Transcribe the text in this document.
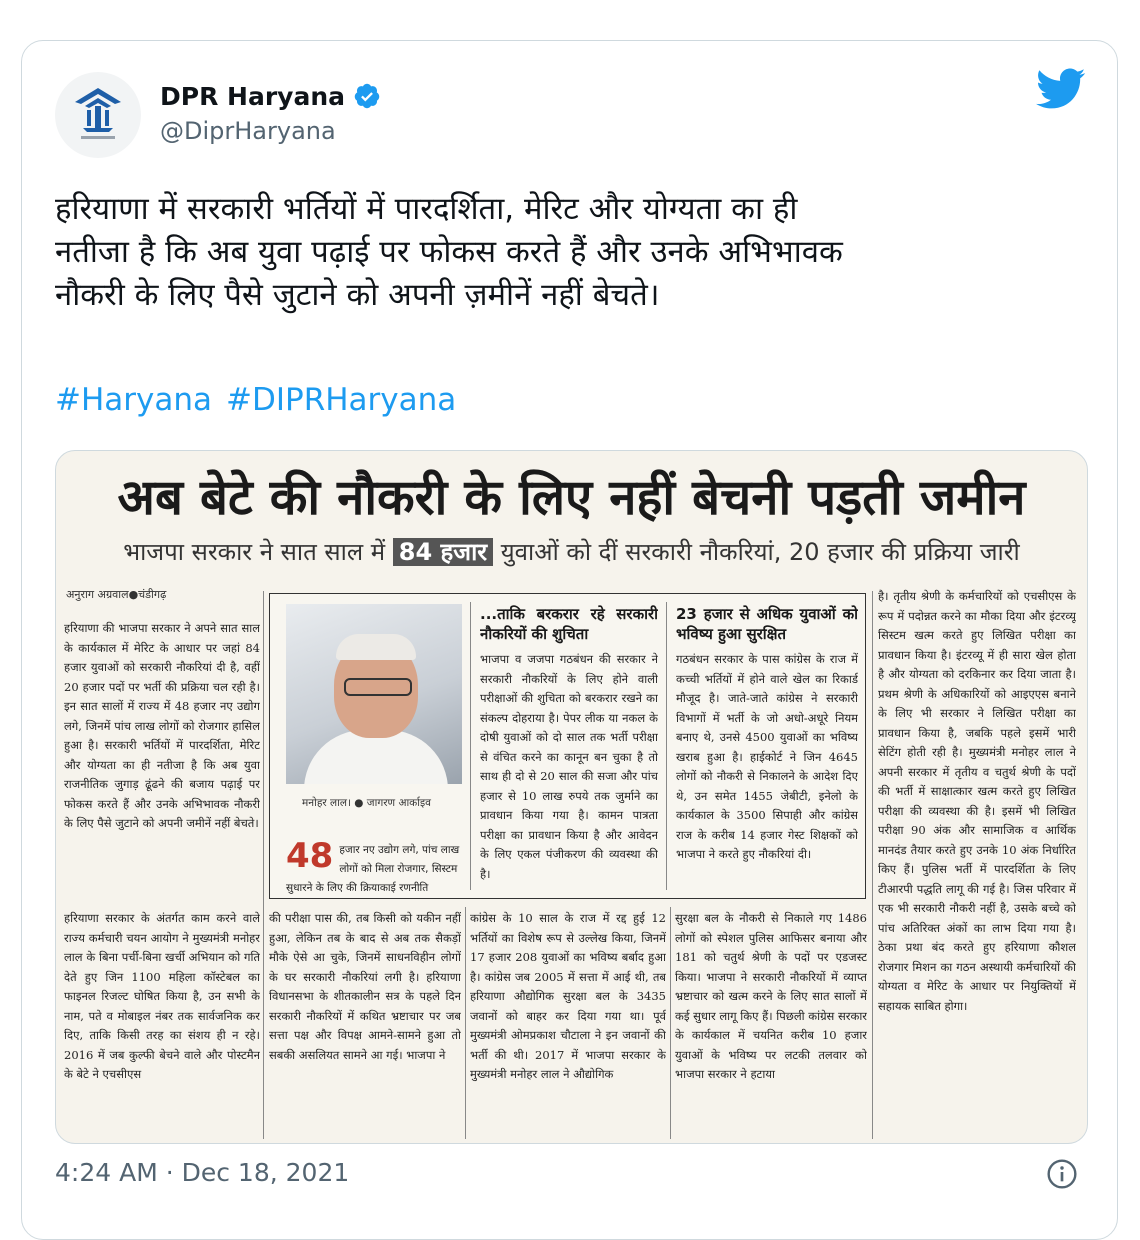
DPR Haryana
@DiprHaryana

हरियाणा में सरकारी भर्तियों में पारदर्शिता, मेरिट और योग्यता का ही

नतीजा है कि अब युवा पढ़ाई पर फोकस करते हैं और उनके अभिभावक

नौकरी के लिए पैसे जुटाने को अपनी ज़मीनें नहीं बेचते।

#Haryana #DIPRHaryana
अब बेटे की नौकरी के लिए नहीं बेचनी पड़ती जमीन
भाजपा सरकार ने सात साल में 84 हजार युवाओं को दीं सरकारी नौकरियां, 20 हजार की प्रक्रिया जारी
अनुराग अग्रवाल●चंडीगढ़
हरियाणा की भाजपा सरकार ने अपने सात साल के कार्यकाल में मेरिट के आधार पर जहां 84 हजार युवाओं को सरकारी नौकरियां दी है, वहीं 20 हजार पदों पर भर्ती की प्रक्रिया चल रही है। इन सात सालों में राज्य में 48 हजार नए उद्योग लगे, जिनमें पांच लाख लोगों को रोजगार हासिल हुआ है। सरकारी भर्तियों में पारदर्शिता, मेरिट और योग्यता का ही नतीजा है कि अब युवा राजनीतिक जुगाड़ ढूंढने की बजाय पढ़ाई पर फोकस करते हैं और उनके अभिभावक नौकरी के लिए पैसे जुटाने को अपनी जमीनें नहीं बेचते।
हरियाणा सरकार के अंतर्गत काम करने वाले राज्य कर्मचारी चयन आयोग ने मुख्यमंत्री मनोहर लाल के बिना पर्ची-बिना खर्ची अभियान को गति देते हुए जिन 1100 महिला कॉस्टेबल का फाइनल रिजल्ट घोषित किया है, उन सभी के नाम, पते व मोबाइल नंबर तक सार्वजनिक कर दिए, ताकि किसी तरह का संशय ही न रहे। 2016 में जब कुल्फी बेचने वाले और पोस्टमैन के बेटे ने एचसीएस
मनोहर लाल। ● जागरण आर्काइव
48 हजार नए उद्योग लगे, पांच लाख लोगों को मिला रोजगार, सिस्टम सुधारने के लिए की क्रियाकाई रणनीति
...ताकि बरकरार रहे सरकारी नौकरियों की शुचिता
भाजपा व जजपा गठबंधन की सरकार ने सरकारी नौकरियों के लिए होने वाली परीक्षाओं की शुचिता को बरकरार रखने का संकल्प दोहराया है। पेपर लीक या नकल के दोषी युवाओं को दो साल तक भर्ती परीक्षा से वंचित करने का कानून बन चुका है तो साथ ही दो से 20 साल की सजा और पांच हजार से 10 लाख रुपये तक जुर्माने का प्रावधान किया गया है। कामन पात्रता परीक्षा का प्रावधान किया है और आवेदन के लिए एकल पंजीकरण की व्यवस्था की है।
23 हजार से अधिक युवाओं को भविष्य हुआ सुरक्षित
गठबंधन सरकार के पास कांग्रेस के राज में कच्ची भर्तियों में होने वाले खेल का रिकार्ड मौजूद है। जाते-जाते कांग्रेस ने सरकारी विभागों में भर्ती के जो अधो-अधूरे नियम बनाए थे, उनसे 4500 युवाओं का भविष्य खराब हुआ है। हाईकोर्ट ने जिन 4645 लोगों को नौकरी से निकालने के आदेश दिए थे, उन समेत 1455 जेबीटी, इनेलो के कार्यकाल के 3500 सिपाही और कांग्रेस राज के करीब 14 हजार गेस्ट शिक्षकों को भाजपा ने करते हुए नौकरियां दी।
की परीक्षा पास की, तब किसी को यकीन नहीं हुआ, लेकिन तब के बाद से अब तक सैकड़ों मौके ऐसे आ चुके, जिनमें साधनविहीन लोगों के घर सरकारी नौकरियां लगी है। हरियाणा विधानसभा के शीतकालीन सत्र के पहले दिन सरकारी नौकरियों में कथित भ्रष्टाचार पर जब सत्ता पक्ष और विपक्ष आमने-सामने हुआ तो सबकी असलियत सामने आ गई। भाजपा ने
कांग्रेस के 10 साल के राज में रद्द हुई 12 भर्तियों का विशेष रूप से उल्लेख किया, जिनमें 17 हजार 208 युवाओं का भविष्य बर्बाद हुआ है। कांग्रेस जब 2005 में सत्ता में आई थी, तब हरियाणा औद्योगिक सुरक्षा बल के 3435 जवानों को बाहर कर दिया गया था। पूर्व मुख्यमंत्री ओमप्रकाश चौटाला ने इन जवानों की भर्ती की थी। 2017 में भाजपा सरकार के मुख्यमंत्री मनोहर लाल ने औद्योगिक
सुरक्षा बल के नौकरी से निकाले गए 1486 लोगों को स्पेशल पुलिस आफिसर बनाया और 181 को चतुर्थ श्रेणी के पदों पर एडजस्ट किया। भाजपा ने सरकारी नौकरियों में व्याप्त भ्रष्टाचार को खत्म करने के लिए सात सालों में कई सुधार लागू किए हैं। पिछली कांग्रेस सरकार के कार्यकाल में चयनित करीब 10 हजार युवाओं के भविष्य पर लटकी तलवार को भाजपा सरकार ने हटाया
है। तृतीय श्रेणी के कर्मचारियों को एचसीएस के रूप में पदोन्नत करने का मौका दिया और इंटरव्यू सिस्टम खत्म करते हुए लिखित परीक्षा का प्रावधान किया है। इंटरव्यू में ही सारा खेल होता है और योग्यता को दरकिनार कर दिया जाता है। प्रथम श्रेणी के अधिकारियों को आइएएस बनाने के लिए भी सरकार ने लिखित परीक्षा का प्रावधान किया है, जबकि पहले इसमें भारी सेटिंग होती रही है। मुख्यमंत्री मनोहर लाल ने अपनी सरकार में तृतीय व चतुर्थ श्रेणी के पदों की भर्ती में साक्षात्कार खत्म करते हुए लिखित परीक्षा की व्यवस्था की है। इसमें भी लिखित परीक्षा 90 अंक और सामाजिक व आर्थिक मानदंड तैयार करते हुए उनके 10 अंक निर्धारित किए हैं। पुलिस भर्ती में पारदर्शिता के लिए टीआरपी पद्धति लागू की गई है। जिस परिवार में एक भी सरकारी नौकरी नहीं है, उसके बच्चे को पांच अतिरिक्त अंकों का लाभ दिया गया है। ठेका प्रथा बंद करते हुए हरियाणा कौशल रोजगार मिशन का गठन अस्थायी कर्मचारियों की योग्यता व मेरिट के आधार पर नियुक्तियों में सहायक साबित होगा।
4:24 AM · Dec 18, 2021
